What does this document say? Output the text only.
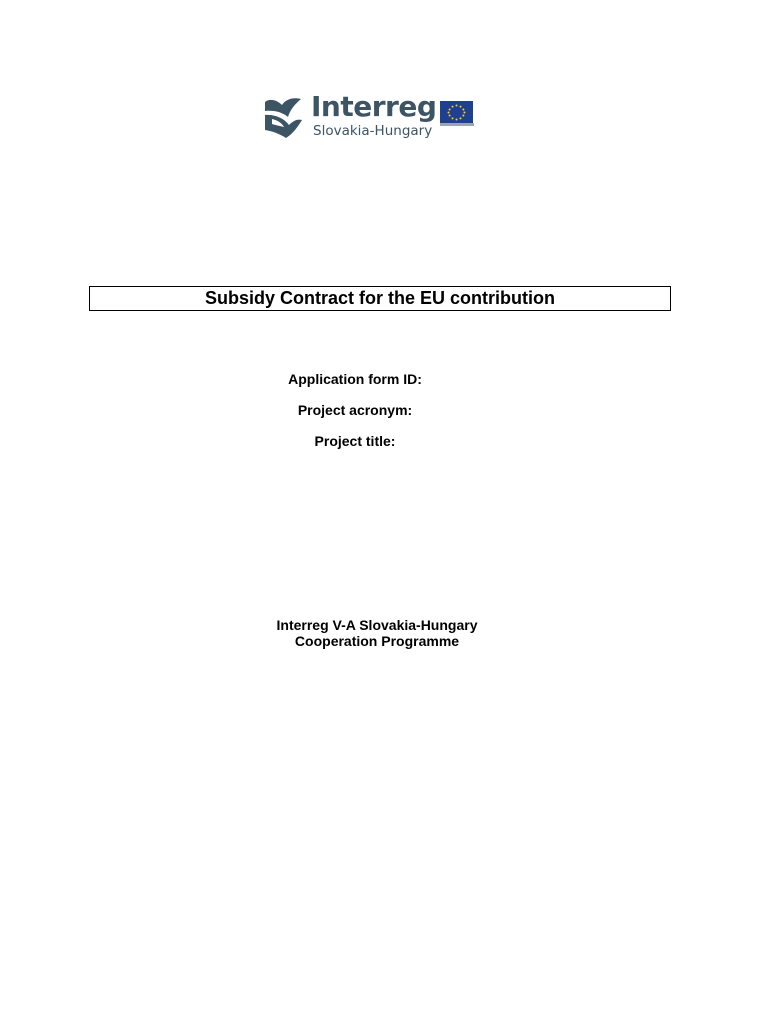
Interreg
Slovakia-Hungary
Subsidy Contract for the EU contribution
Application form ID:
Project acronym:
Project title:
Interreg V-A Slovakia-Hungary
Cooperation Programme
